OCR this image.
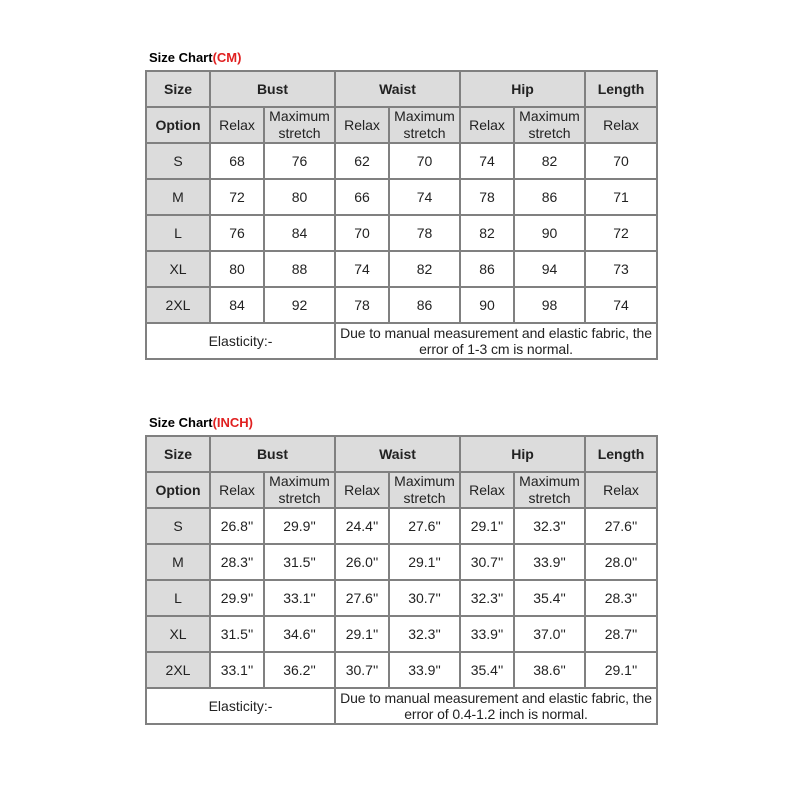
Size Chart(CM)
Size	Bust		Waist		Hip		Length
Option	Relax	Maximum stretch	Relax	Maximum stretch	Relax	Maximum stretch	Relax
S	68	76	62	70	74	82	70
M	72	80	66	74	78	86	71
L	76	84	70	78	82	90	72
XL	80	88	74	82	86	94	73
2XL	84	92	78	86	90	98	74
Elasticity:-			Due to manual measurement and elastic fabric, the error of 1-3 cm is normal.				
Size Chart(INCH)
Size	Bust		Waist		Hip		Length
Option	Relax	Maximum stretch	Relax	Maximum stretch	Relax	Maximum stretch	Relax
S	26.8''	29.9''	24.4''	27.6''	29.1''	32.3''	27.6''
M	28.3''	31.5''	26.0''	29.1''	30.7''	33.9''	28.0''
L	29.9''	33.1''	27.6''	30.7''	32.3''	35.4''	28.3''
XL	31.5''	34.6''	29.1''	32.3''	33.9''	37.0''	28.7''
2XL	33.1''	36.2''	30.7''	33.9''	35.4''	38.6''	29.1''
Elasticity:-			Due to manual measurement and elastic fabric, the error of 0.4-1.2 inch is normal.				
